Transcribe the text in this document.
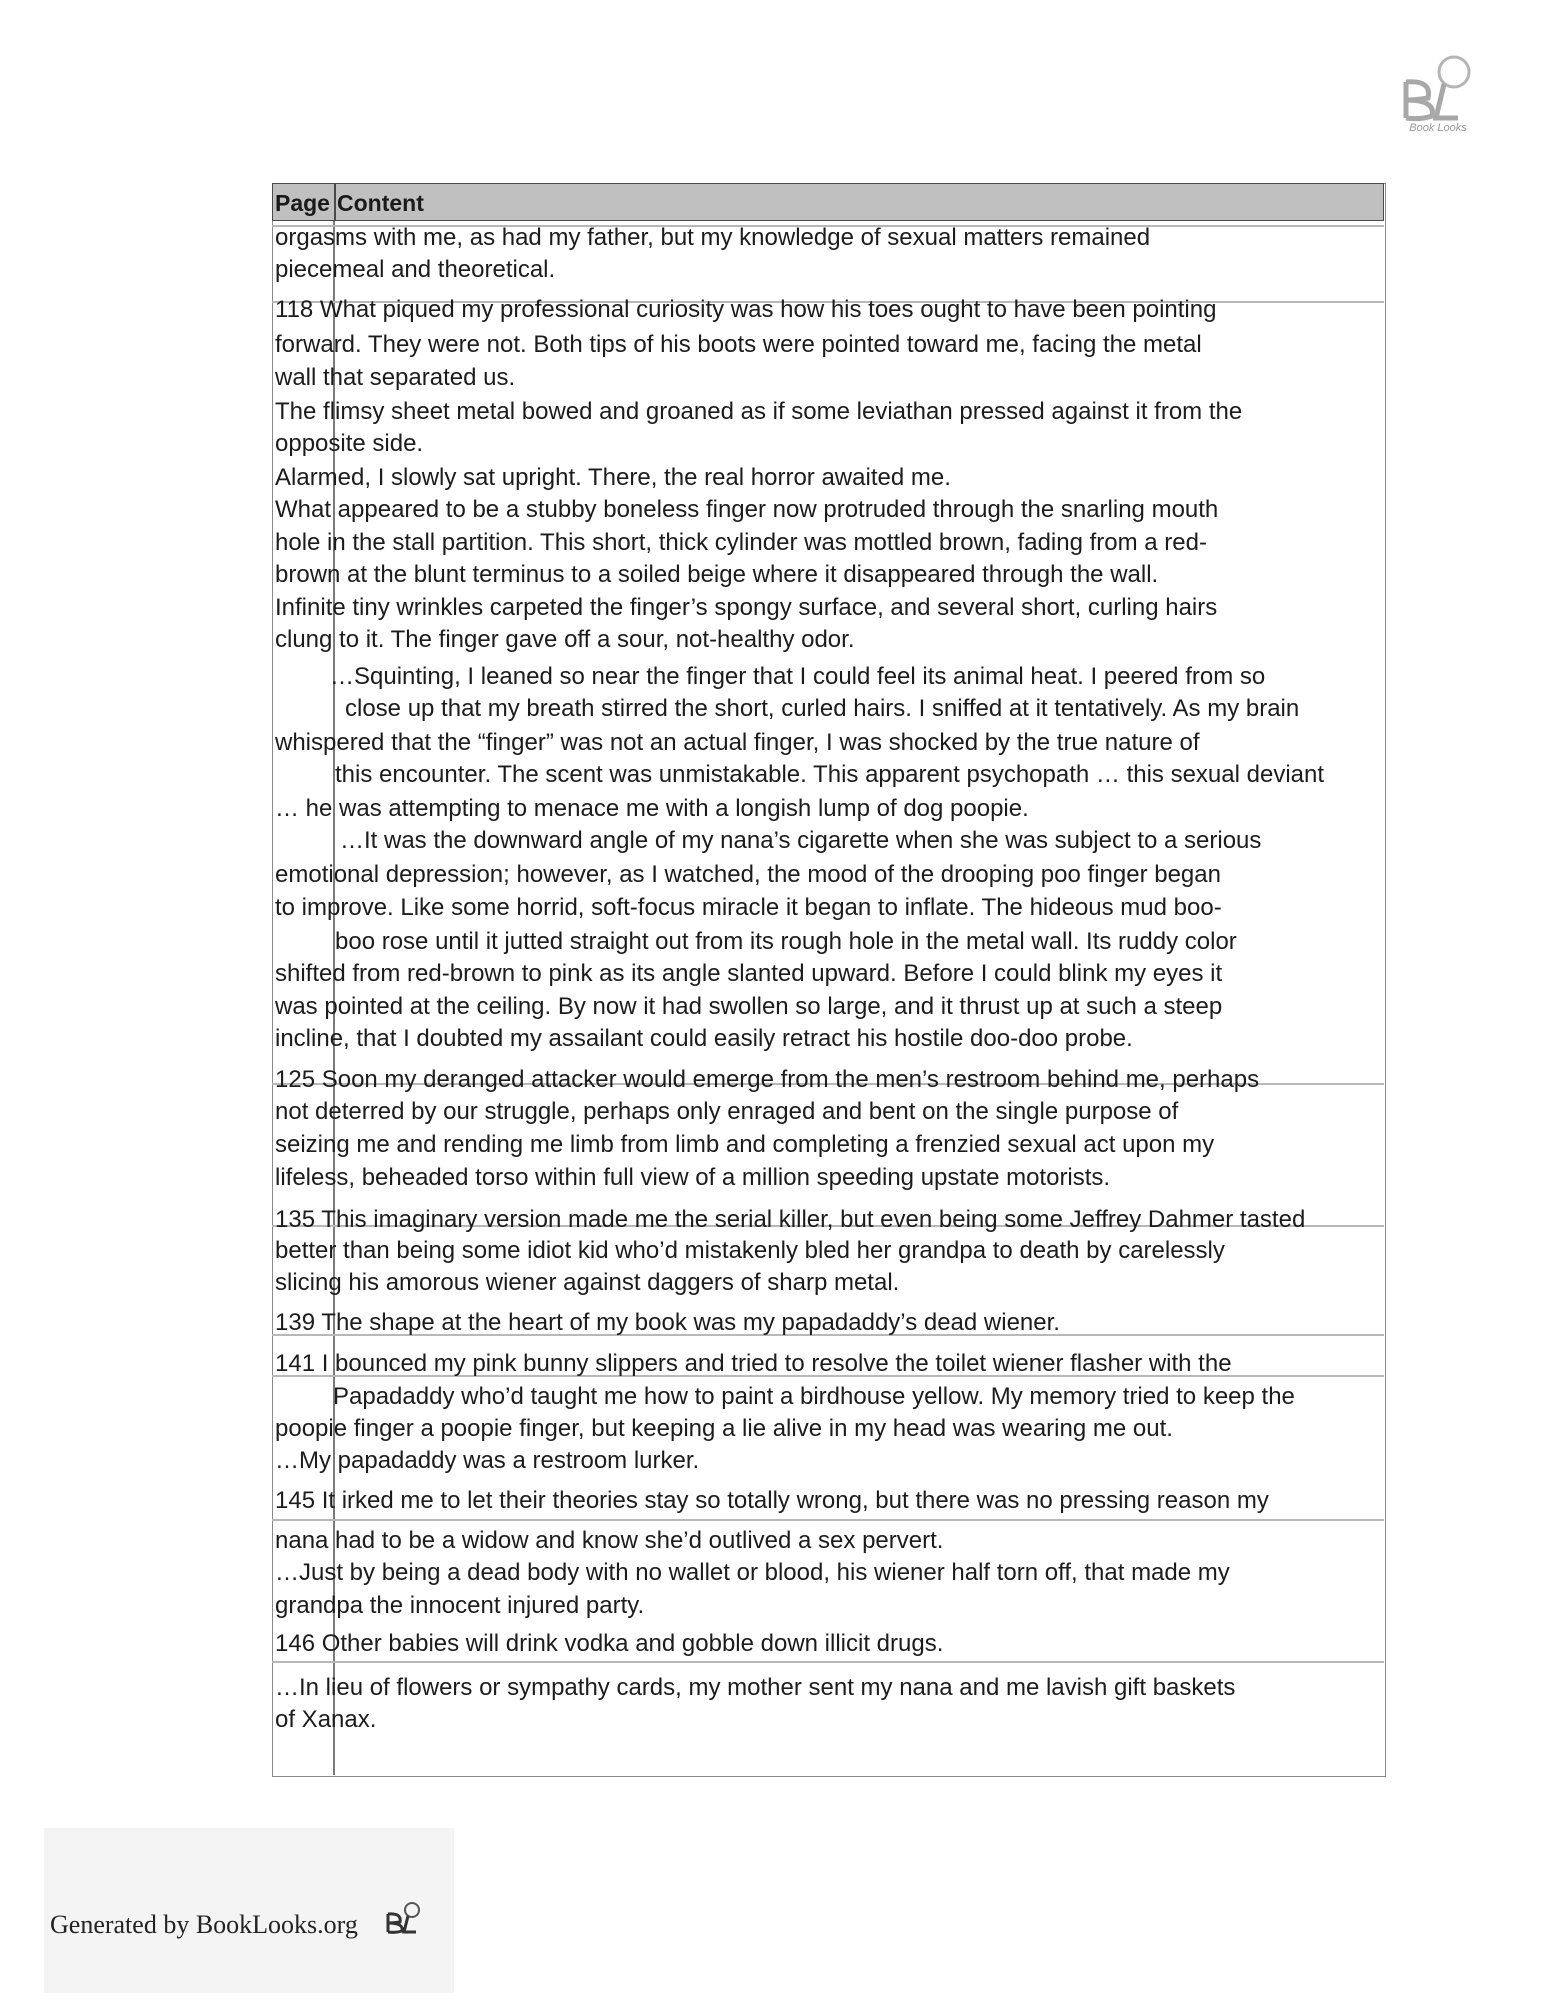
Book Looks
Page Content
orgasms with me, as had my father, but my knowledge of sexual matters remained
piecemeal and theoretical.
118 What piqued my professional curiosity was how his toes ought to have been pointing
forward. They were not. Both tips of his boots were pointed toward me, facing the metal
wall that separated us.
The flimsy sheet metal bowed and groaned as if some leviathan pressed against it from the
opposite side.
Alarmed, I slowly sat upright. There, the real horror awaited me.
What appeared to be a stubby boneless finger now protruded through the snarling mouth
hole in the stall partition. This short, thick cylinder was mottled brown, fading from a red-
brown at the blunt terminus to a soiled beige where it disappeared through the wall.
Infinite tiny wrinkles carpeted the finger’s spongy surface, and several short, curling hairs
clung to it. The finger gave off a sour, not-healthy odor.
…Squinting, I leaned so near the finger that I could feel its animal heat. I peered from so
close up that my breath stirred the short, curled hairs. I sniffed at it tentatively. As my brain
whispered that the “finger” was not an actual finger, I was shocked by the true nature of
this encounter. The scent was unmistakable. This apparent psychopath … this sexual deviant
… he was attempting to menace me with a longish lump of dog poopie.
…It was the downward angle of my nana’s cigarette when she was subject to a serious
emotional depression; however, as I watched, the mood of the drooping poo finger began
to improve. Like some horrid, soft-focus miracle it began to inflate. The hideous mud boo-
boo rose until it jutted straight out from its rough hole in the metal wall. Its ruddy color
shifted from red-brown to pink as its angle slanted upward. Before I could blink my eyes it
was pointed at the ceiling. By now it had swollen so large, and it thrust up at such a steep
incline, that I doubted my assailant could easily retract his hostile doo-doo probe.
125 Soon my deranged attacker would emerge from the men’s restroom behind me, perhaps
not deterred by our struggle, perhaps only enraged and bent on the single purpose of
seizing me and rending me limb from limb and completing a frenzied sexual act upon my
lifeless, beheaded torso within full view of a million speeding upstate motorists.
135 This imaginary version made me the serial killer, but even being some Jeffrey Dahmer tasted
better than being some idiot kid who’d mistakenly bled her grandpa to death by carelessly
slicing his amorous wiener against daggers of sharp metal.
139 The shape at the heart of my book was my papadaddy’s dead wiener.
141 I bounced my pink bunny slippers and tried to resolve the toilet wiener flasher with the
Papadaddy who’d taught me how to paint a birdhouse yellow. My memory tried to keep the
poopie finger a poopie finger, but keeping a lie alive in my head was wearing me out.
…My papadaddy was a restroom lurker.
145 It irked me to let their theories stay so totally wrong, but there was no pressing reason my
nana had to be a widow and know she’d outlived a sex pervert.
…Just by being a dead body with no wallet or blood, his wiener half torn off, that made my
grandpa the innocent injured party.
146 Other babies will drink vodka and gobble down illicit drugs.
…In lieu of flowers or sympathy cards, my mother sent my nana and me lavish gift baskets
of Xanax.
Generated by BookLooks.org
